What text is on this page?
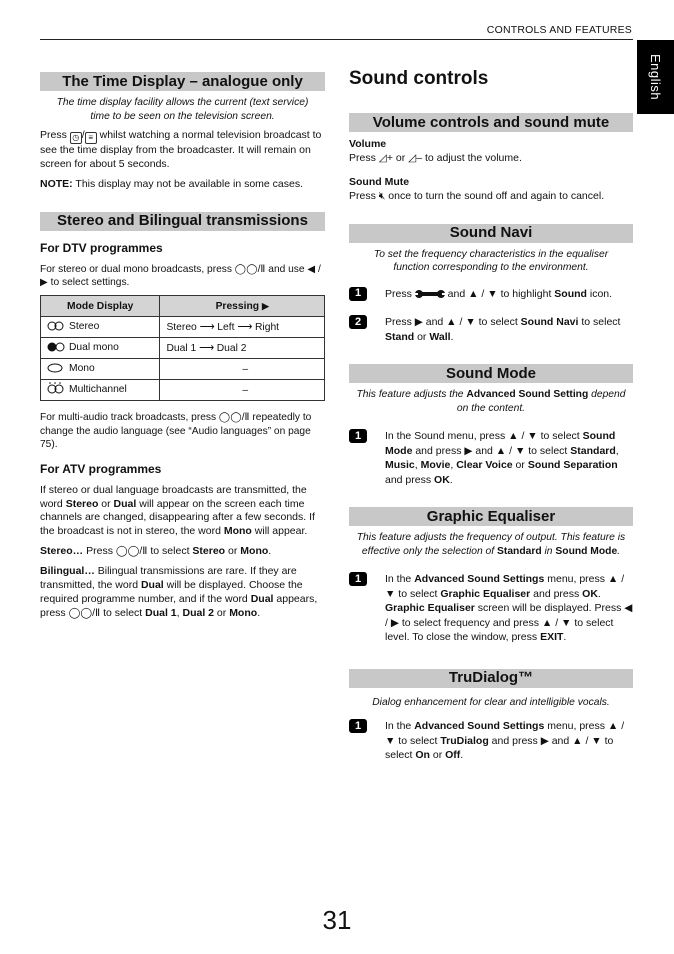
CONTROLS AND FEATURES
English
The Time Display – analogue only
The time display facility allows the current (text service) time to be seen on the television screen.

Press ◷ / ≡ whilst watching a normal television broadcast to see the time display from the broadcaster. It will remain on screen for about 5 seconds.

NOTE: This display may not be available in some cases.

Stereo and Bilingual transmissions
For DTV programmes

For stereo or dual mono broadcasts, press ◯◯/Ⅱ and use ◀ / ▶ to select settings.

Mode Display	Pressing ▶
Stereo	Stereo ⟶ Left ⟶ Right
Dual mono	Dual 1 ⟶ Dual 2
Mono	–
Multichannel	–

For multi-audio track broadcasts, press ◯◯/Ⅱ repeatedly to change the audio language (see “Audio languages” on page 75).

For ATV programmes

If stereo or dual language broadcasts are transmitted, the word Stereo or Dual will appear on the screen each time channels are changed, disappearing after a few seconds. If the broadcast is not in stereo, the word Mono will appear.

Stereo… Press ◯◯/Ⅱ to select Stereo or Mono.

Bilingual… Bilingual transmissions are rare. If they are transmitted, the word Dual will be displayed. Choose the required programme number, and if the word Dual appears, press ◯◯/Ⅱ to select Dual 1, Dual 2 or Mono.

Sound controls
Volume controls and sound mute
Volume

Press ◿+ or ◿– to adjust the volume.

Sound Mute

Press 🔇︎ once to turn the sound off and again to cancel.

Sound Navi
To set the frequency characteristics in the equaliser function corresponding to the environment.
1	Press	and ▲ / ▼ to highlight Sound icon.
2	Press ▶ and ▲ / ▼ to select Sound Navi to select Stand or Wall.
Sound Mode
This feature adjusts the Advanced Sound Setting depend on the content.
1	In the Sound menu, press ▲ / ▼ to select Sound Mode and press ▶ and ▲ / ▼ to select Standard, Music, Movie, Clear Voice or Sound Separation and press OK.
Graphic Equaliser
This feature adjusts the frequency of output. This feature is effective only the selection of Standard in Sound Mode.
1	In the Advanced Sound Settings menu, press ▲ / ▼ to select Graphic Equaliser and press OK. Graphic Equaliser screen will be displayed. Press ◀ / ▶ to select frequency and press ▲ / ▼ to select level. To close the window, press EXIT.
TruDialog™
Dialog enhancement for clear and intelligible vocals.
1	In the Advanced Sound Settings menu, press ▲ / ▼ to select TruDialog and press ▶ and ▲ / ▼ to select On or Off.
31
